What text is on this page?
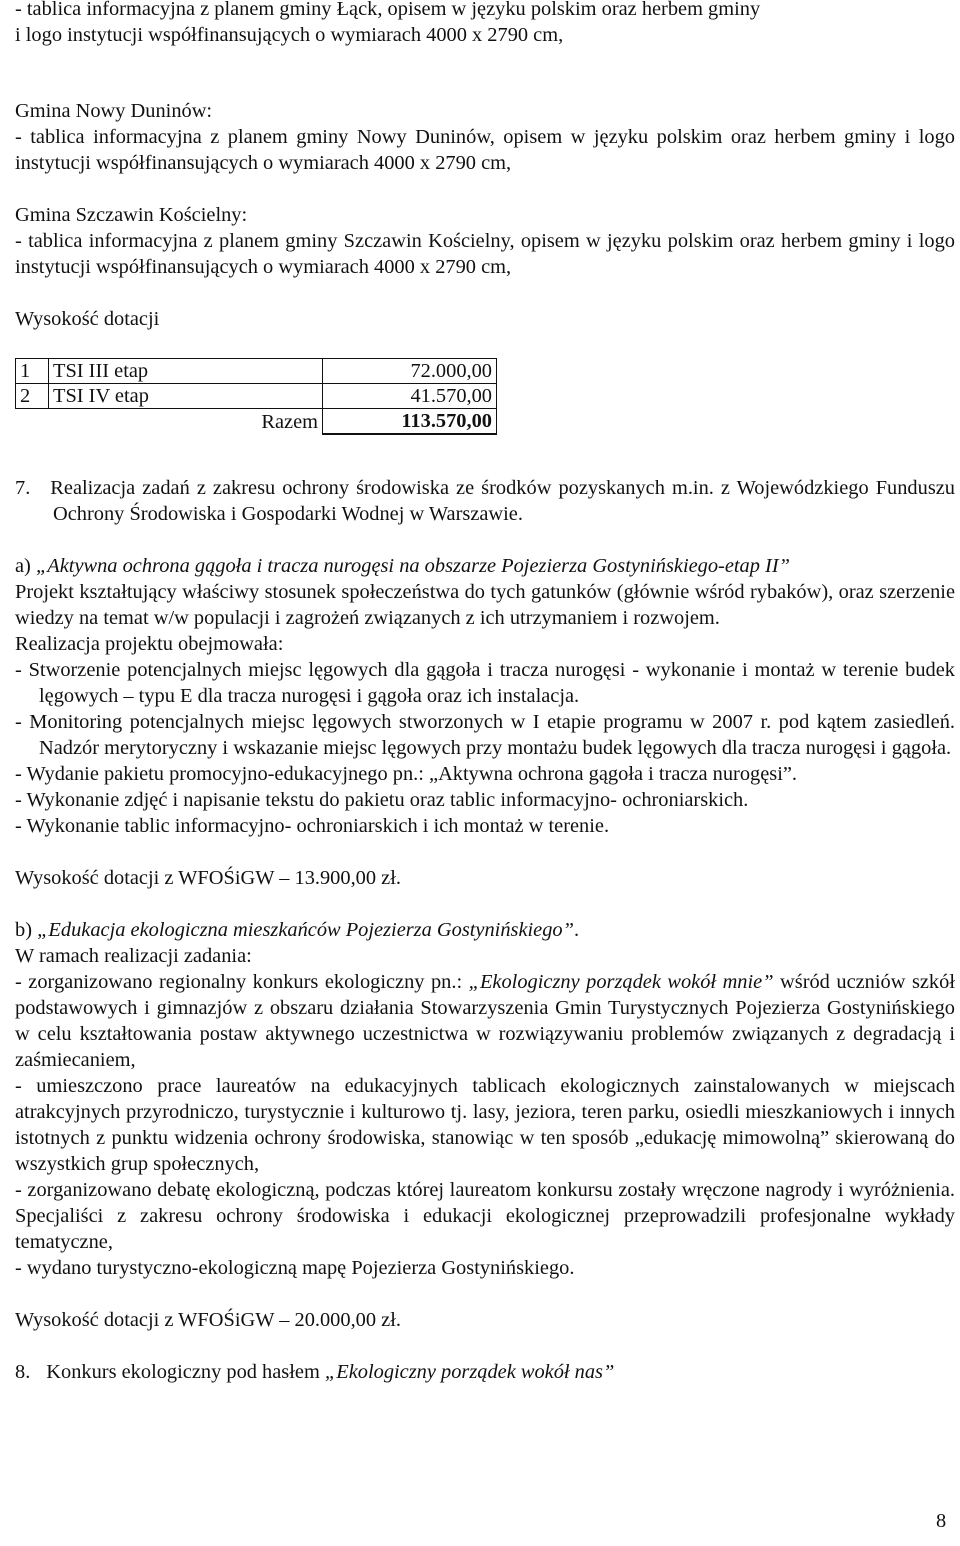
- tablica informacyjna z planem gminy Łąck, opisem w języku polskim oraz herbem gminy

i logo instytucji współfinansujących o wymiarach 4000 x 2790 cm,

Gmina Nowy Duninów:

- tablica informacyjna z planem gminy Nowy Duninów, opisem w języku polskim oraz herbem gminy i logo instytucji współfinansujących o wymiarach 4000 x 2790 cm,

Gmina Szczawin Kościelny:

- tablica informacyjna z planem gminy Szczawin Kościelny, opisem w języku polskim oraz herbem gminy i logo instytucji współfinansujących o wymiarach 4000 x 2790 cm,

Wysokość dotacji

1	TSI III etap	72.000,00
2	TSI IV etap	41.570,00
Razem		113.570,00
7. Realizacja zadań z zakresu ochrony środowiska ze środków pozyskanych m.in. z Wojewódzkiego Funduszu Ochrony Środowiska i Gospodarki Wodnej w Warszawie.

a) „Aktywna ochrona gągoła i tracza nurogęsi na obszarze Pojezierza Gostynińskiego-etap II”

Projekt kształtujący właściwy stosunek społeczeństwa do tych gatunków (głównie wśród rybaków), oraz szerzenie wiedzy na temat w/w populacji i zagrożeń związanych z ich utrzymaniem i rozwojem.

Realizacja projektu obejmowała:

- Stworzenie potencjalnych miejsc lęgowych dla gągoła i tracza nurogęsi - wykonanie i montaż w terenie budek lęgowych – typu E dla tracza nurogęsi i gągoła oraz ich instalacja.

- Monitoring potencjalnych miejsc lęgowych stworzonych w I etapie programu w 2007 r. pod kątem zasiedleń. Nadzór merytoryczny i wskazanie miejsc lęgowych przy montażu budek lęgowych dla tracza nurogęsi i gągoła.

- Wydanie pakietu promocyjno-edukacyjnego pn.: „Aktywna ochrona gągoła i tracza nurogęsi”.

- Wykonanie zdjęć i napisanie tekstu do pakietu oraz tablic informacyjno- ochroniarskich.

- Wykonanie tablic informacyjno- ochroniarskich i ich montaż w terenie.

Wysokość dotacji z WFOŚiGW – 13.900,00 zł.

b) „Edukacja ekologiczna mieszkańców Pojezierza Gostynińskiego”.

W ramach realizacji zadania:

- zorganizowano regionalny konkurs ekologiczny pn.: „Ekologiczny porządek wokół mnie” wśród uczniów szkół podstawowych i gimnazjów z obszaru działania Stowarzyszenia Gmin Turystycznych Pojezierza Gostynińskiego w celu kształtowania postaw aktywnego uczestnictwa w rozwiązywaniu problemów związanych z degradacją i zaśmiecaniem,

- umieszczono prace laureatów na edukacyjnych tablicach ekologicznych zainstalowanych w miejscach atrakcyjnych przyrodniczo, turystycznie i kulturowo tj. lasy, jeziora, teren parku, osiedli mieszkaniowych i innych istotnych z punktu widzenia ochrony środowiska, stanowiąc w ten sposób „edukację mimowolną” skierowaną do wszystkich grup społecznych,

- zorganizowano debatę ekologiczną, podczas której laureatom konkursu zostały wręczone nagrody i wyróżnienia. Specjaliści z zakresu ochrony środowiska i edukacji ekologicznej przeprowadzili profesjonalne wykłady tematyczne,

- wydano turystyczno-ekologiczną mapę Pojezierza Gostynińskiego.

Wysokość dotacji z WFOŚiGW – 20.000,00 zł.

8. Konkurs ekologiczny pod hasłem „Ekologiczny porządek wokół nas”
8
